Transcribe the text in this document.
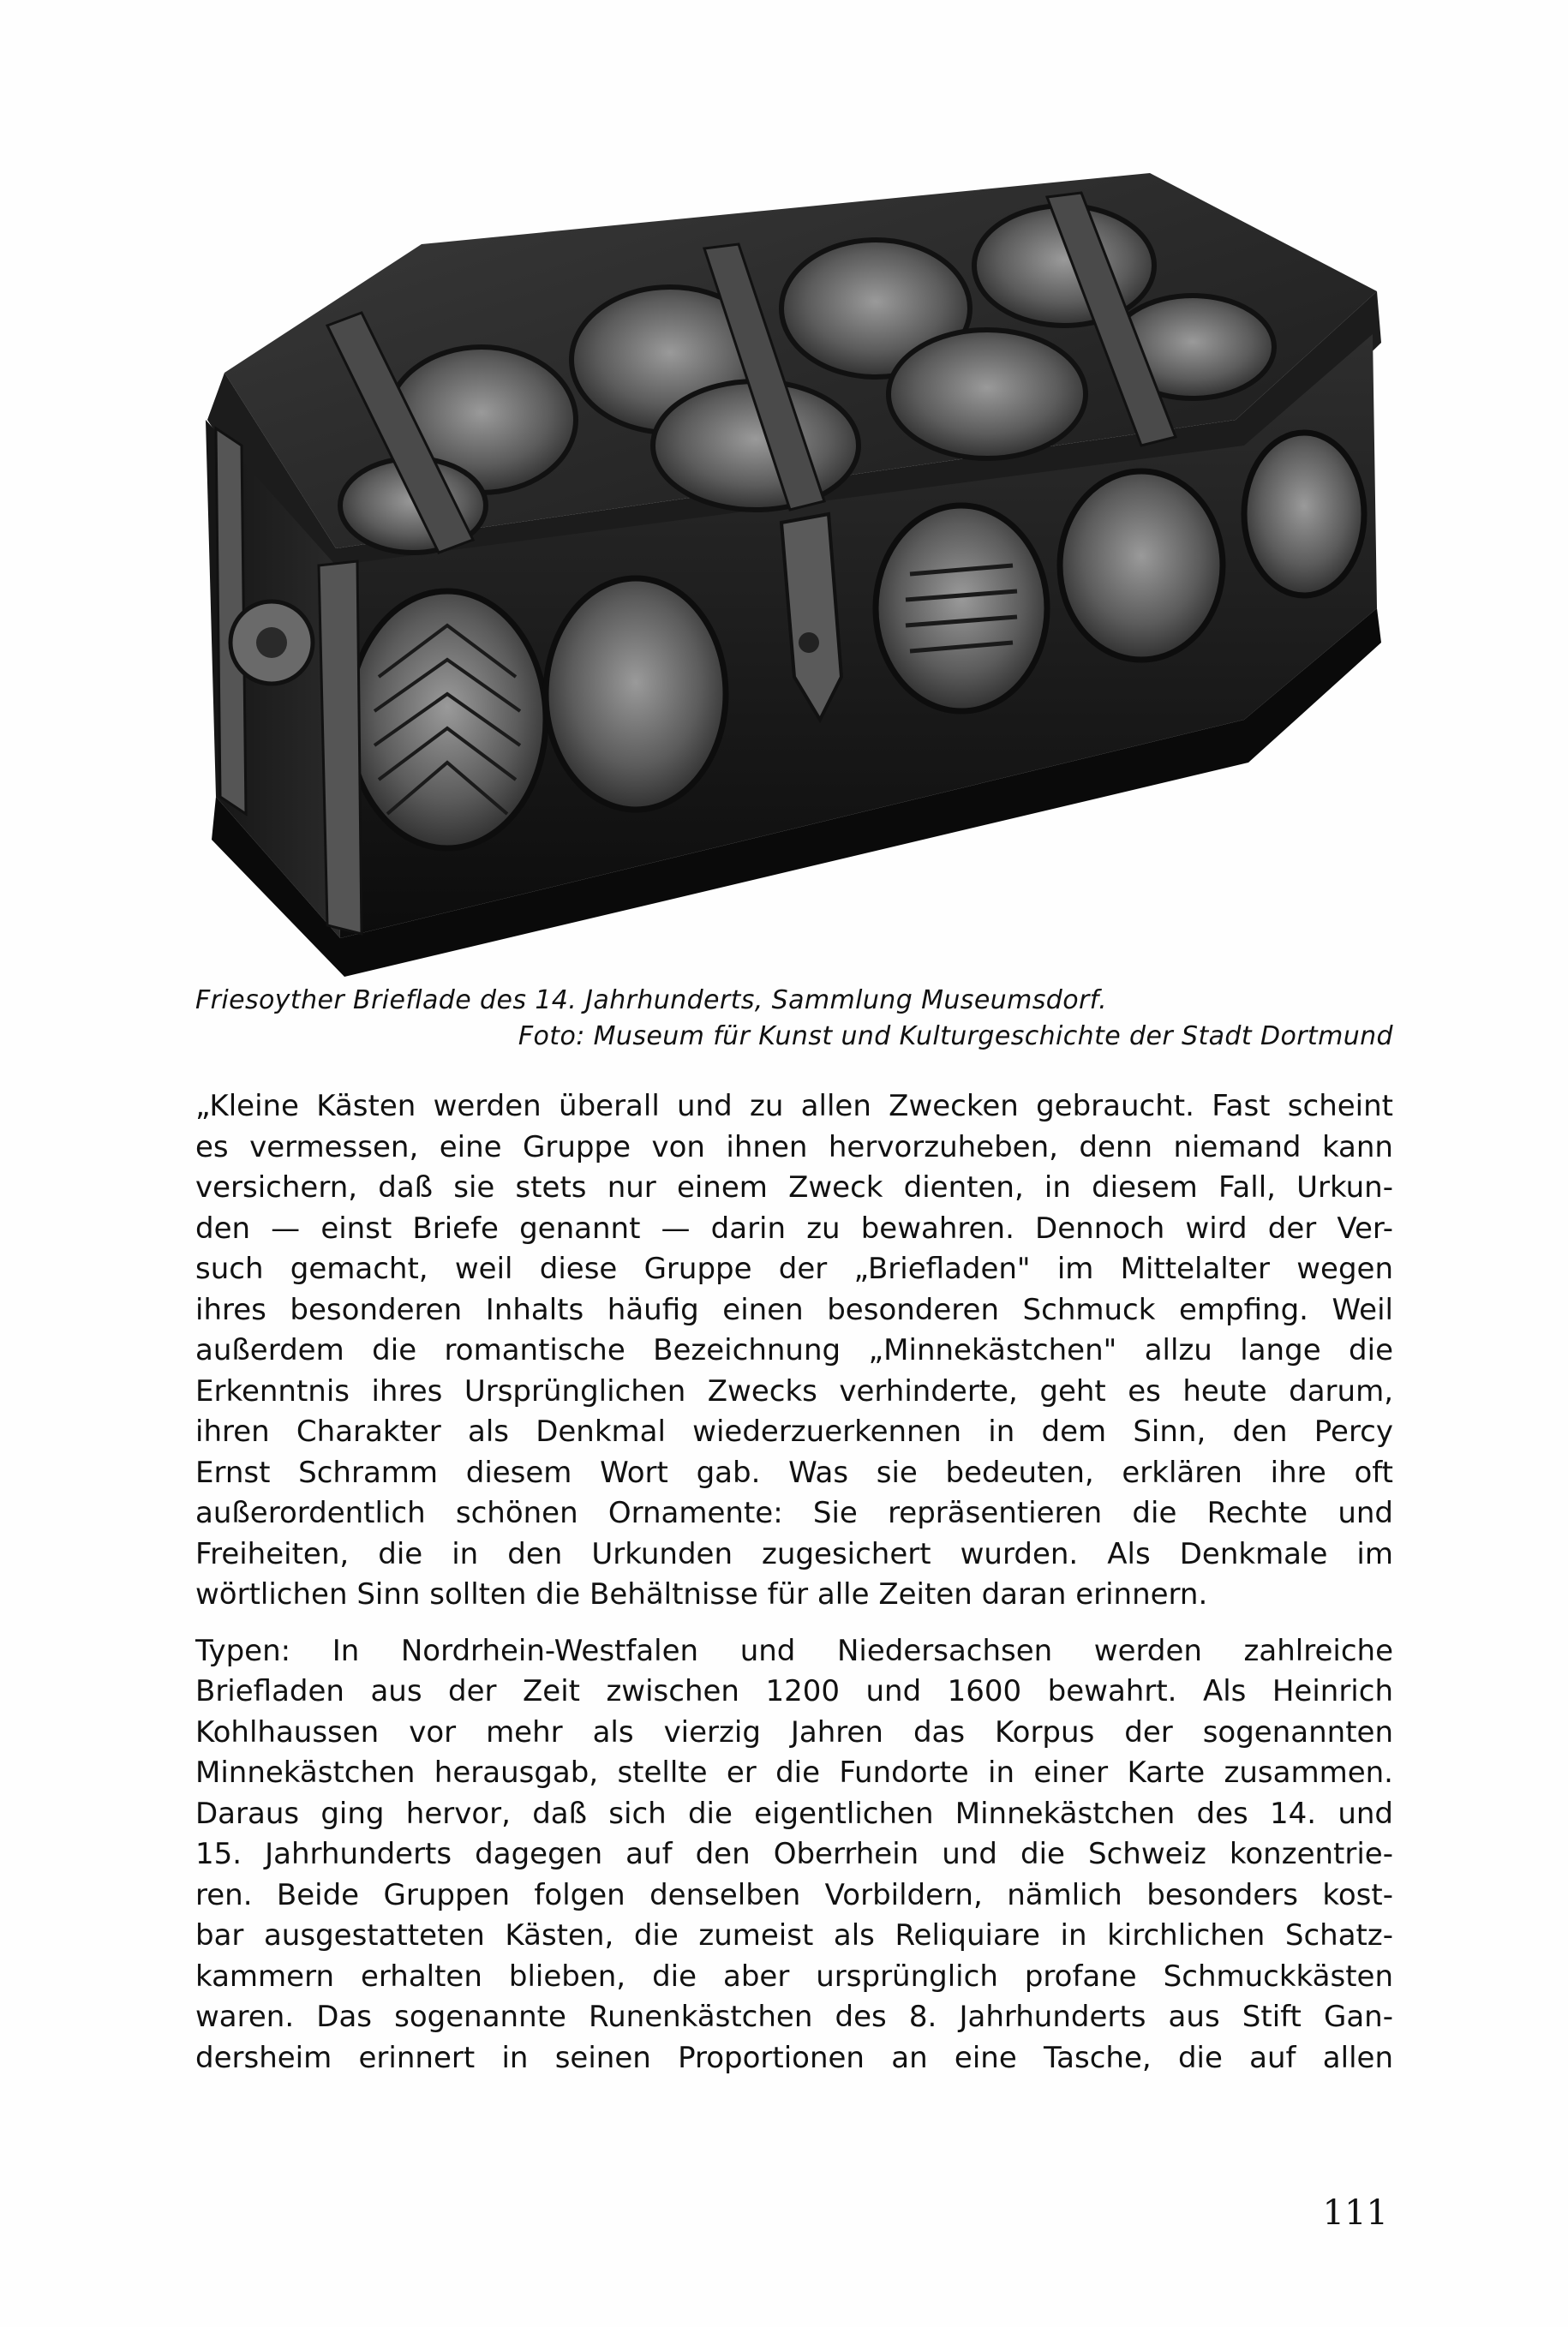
Friesoyther Brieflade des 14. Jahrhunderts, Sammlung Museumsdorf.
Foto: Museum für Kunst und Kulturgeschichte der Stadt Dortmund

„Kleine Kästen werden überall und zu allen Zwecken gebraucht. Fast scheint
es vermessen, eine Gruppe von ihnen hervorzuheben, denn niemand kann
versichern, daß sie stets nur einem Zweck dienten, in diesem Fall, Urkun-
den — einst Briefe genannt — darin zu bewahren. Dennoch wird der Ver-
such gemacht, weil diese Gruppe der „Briefladen" im Mittelalter wegen
ihres besonderen Inhalts häufig einen besonderen Schmuck empfing. Weil
außerdem die romantische Bezeichnung „Minnekästchen" allzu lange die
Erkenntnis ihres Ursprünglichen Zwecks verhinderte, geht es heute darum,
ihren Charakter als Denkmal wiederzuerkennen in dem Sinn, den Percy
Ernst Schramm diesem Wort gab. Was sie bedeuten, erklären ihre oft
außerordentlich schönen Ornamente: Sie repräsentieren die Rechte und
Freiheiten, die in den Urkunden zugesichert wurden. Als Denkmale im
wörtlichen Sinn sollten die Behältnisse für alle Zeiten daran erinnern.

Typen: In Nordrhein-Westfalen und Niedersachsen werden zahlreiche
Briefladen aus der Zeit zwischen 1200 und 1600 bewahrt. Als Heinrich
Kohlhaussen vor mehr als vierzig Jahren das Korpus der sogenannten
Minnekästchen herausgab, stellte er die Fundorte in einer Karte zusammen.
Daraus ging hervor, daß sich die eigentlichen Minnekästchen des 14. und
15. Jahrhunderts dagegen auf den Oberrhein und die Schweiz konzentrie-
ren. Beide Gruppen folgen denselben Vorbildern, nämlich besonders kost-
bar ausgestatteten Kästen, die zumeist als Reliquiare in kirchlichen Schatz-
kammern erhalten blieben, die aber ursprünglich profane Schmuckkästen
waren. Das sogenannte Runenkästchen des 8. Jahrhunderts aus Stift Gan-
dersheim erinnert in seinen Proportionen an eine Tasche, die auf allen

111
